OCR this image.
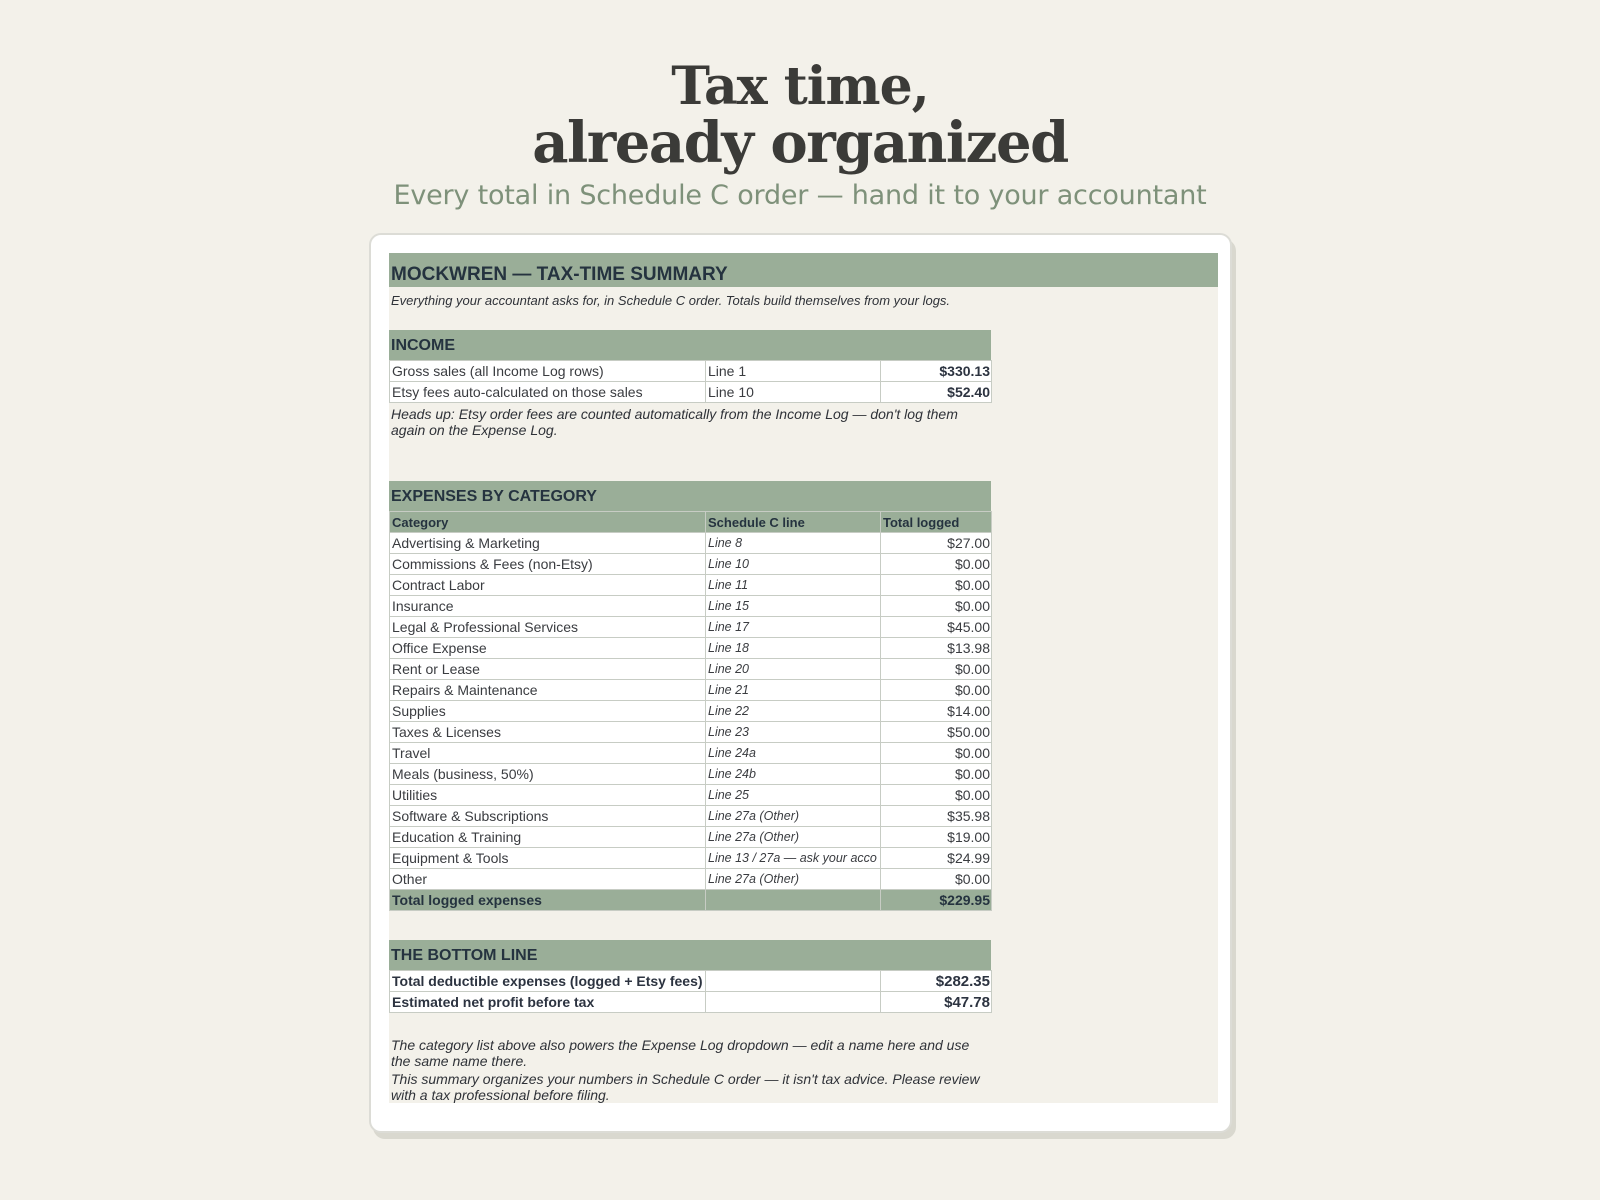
Tax time,
already organized
Every total in Schedule C order — hand it to your accountant
MOCKWREN — TAX-TIME SUMMARY
Everything your accountant asks for, in Schedule C order. Totals build themselves from your logs.
INCOME
Gross sales (all Income Log rows)	Line 1	$330.13
Etsy fees auto-calculated on those sales	Line 10	$52.40
Heads up: Etsy order fees are counted automatically from the Income Log — don't log them again on the Expense Log.
EXPENSES BY CATEGORY
Category	Schedule C line	Total logged
Advertising & Marketing	Line 8	$27.00
Commissions & Fees (non-Etsy)	Line 10	$0.00
Contract Labor	Line 11	$0.00
Insurance	Line 15	$0.00
Legal & Professional Services	Line 17	$45.00
Office Expense	Line 18	$13.98
Rent or Lease	Line 20	$0.00
Repairs & Maintenance	Line 21	$0.00
Supplies	Line 22	$14.00
Taxes & Licenses	Line 23	$50.00
Travel	Line 24a	$0.00
Meals (business, 50%)	Line 24b	$0.00
Utilities	Line 25	$0.00
Software & Subscriptions	Line 27a (Other)	$35.98
Education & Training	Line 27a (Other)	$19.00
Equipment & Tools	Line 13 / 27a — ask your acco	$24.99
Other	Line 27a (Other)	$0.00
Total logged expenses		$229.95
THE BOTTOM LINE
Total deductible expenses (logged + Etsy fees)		$282.35
Estimated net profit before tax		$47.78
The category list above also powers the Expense Log dropdown — edit a name here and use the same name there.
This summary organizes your numbers in Schedule C order — it isn't tax advice. Please review with a tax professional before filing.
